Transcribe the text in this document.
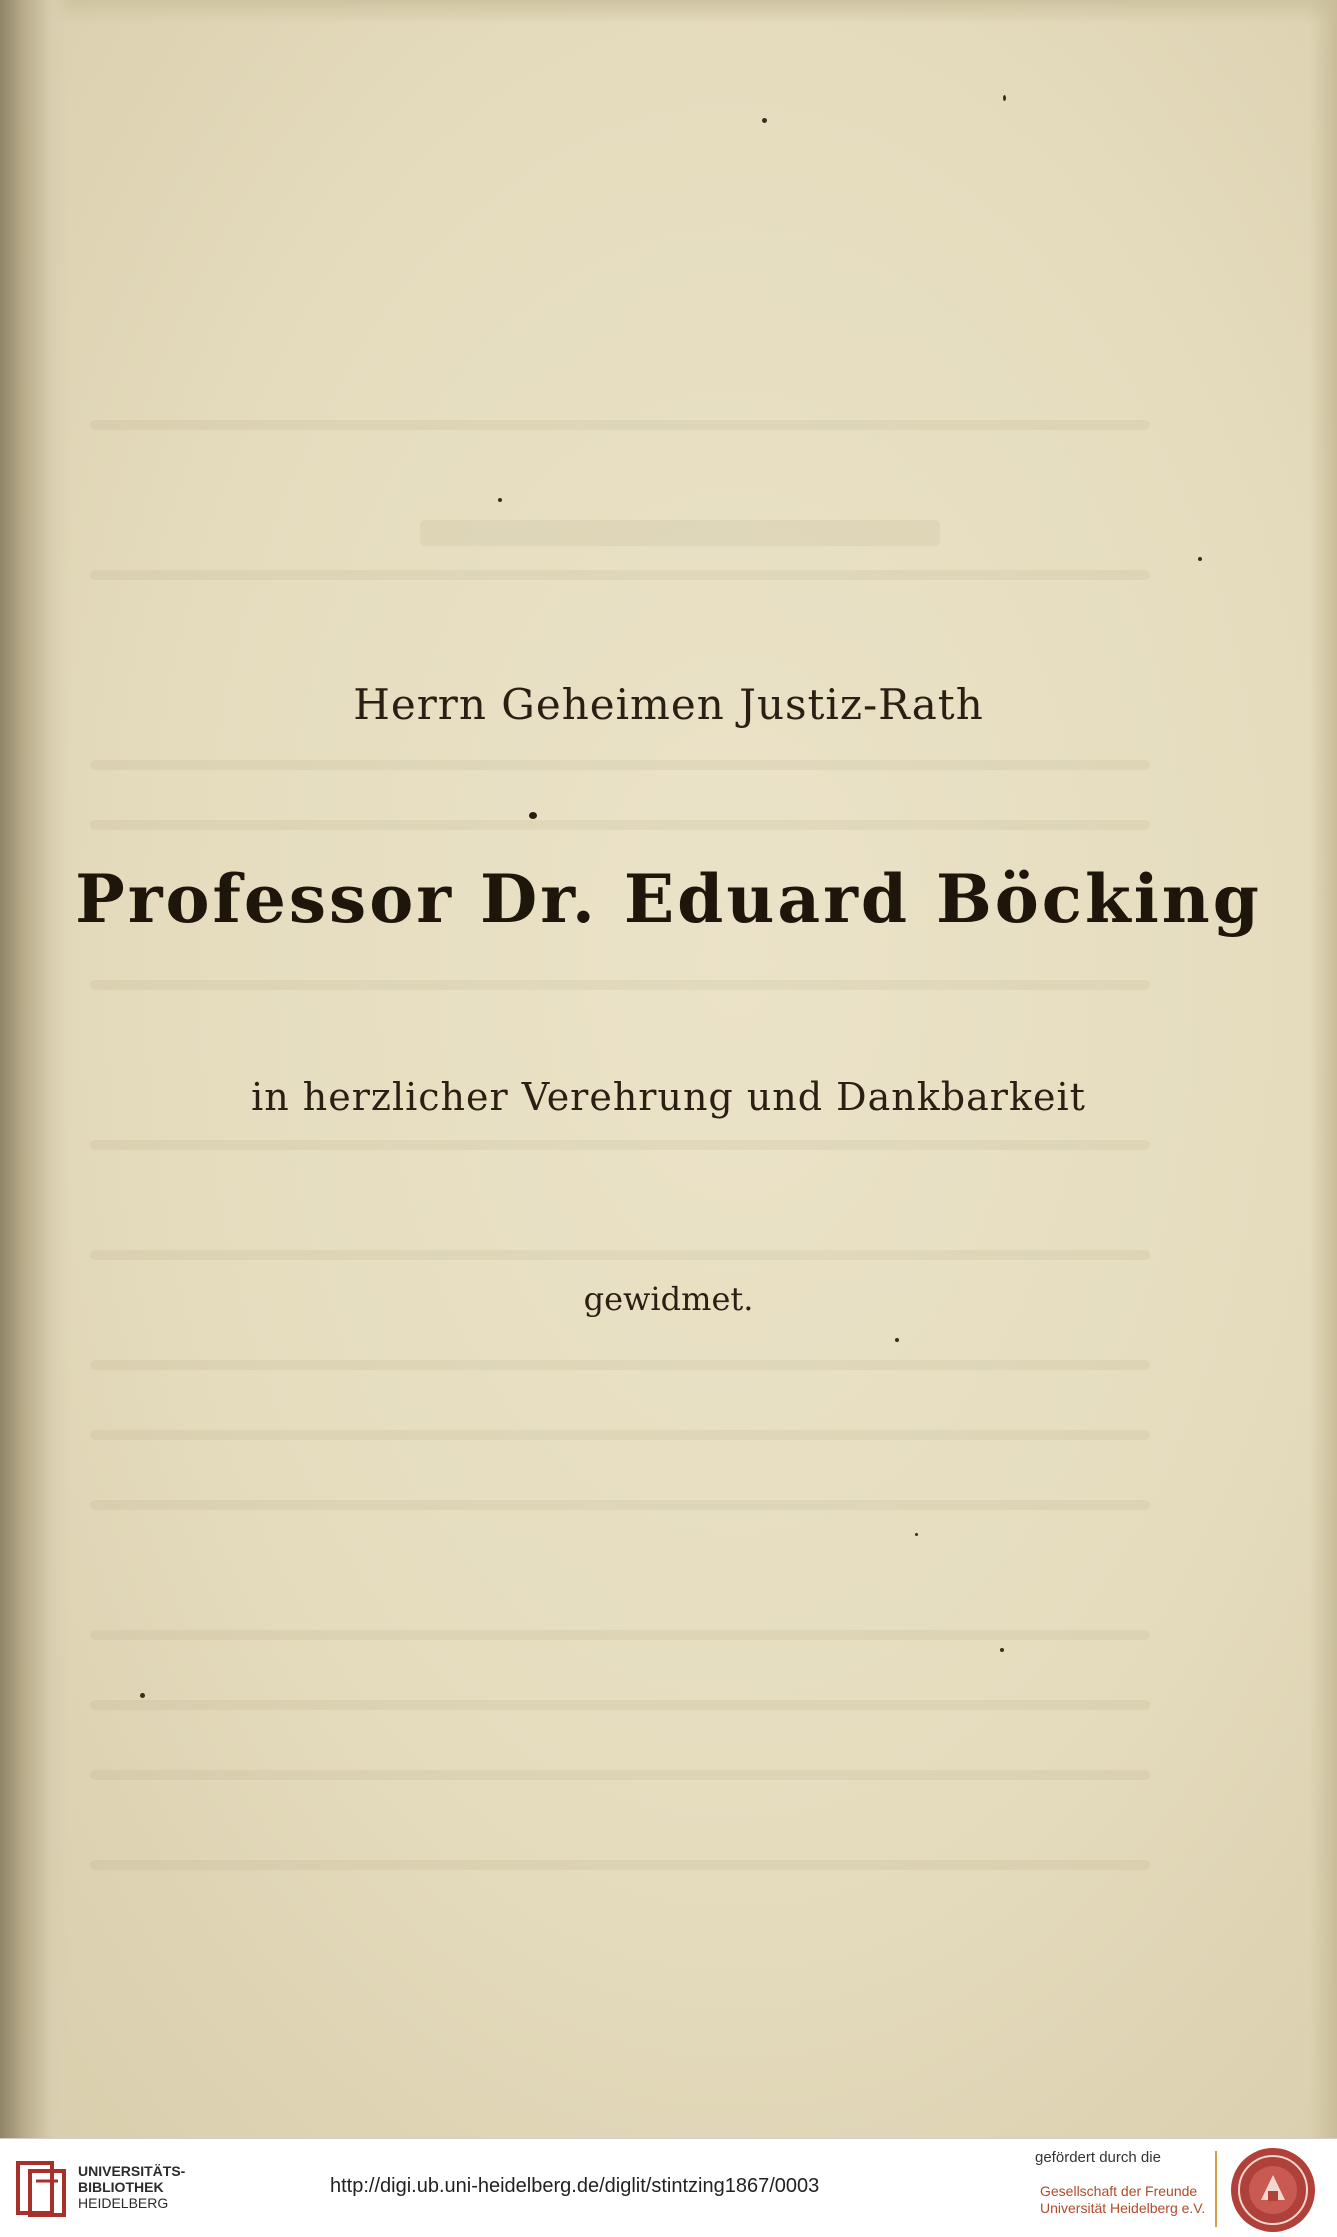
Herrn Geheimen Justiz-Rath
Professor Dr. Eduard Böcking
in herzlicher Verehrung und Dankbarkeit
gewidmet.
UNIVERSITÄTS-
BIBLIOTHEK
HEIDELBERG
http://digi.ub.uni-heidelberg.de/diglit/stintzing1867/0003
gefördert durch die
Gesellschaft der Freunde
Universität Heidelberg e.V.
